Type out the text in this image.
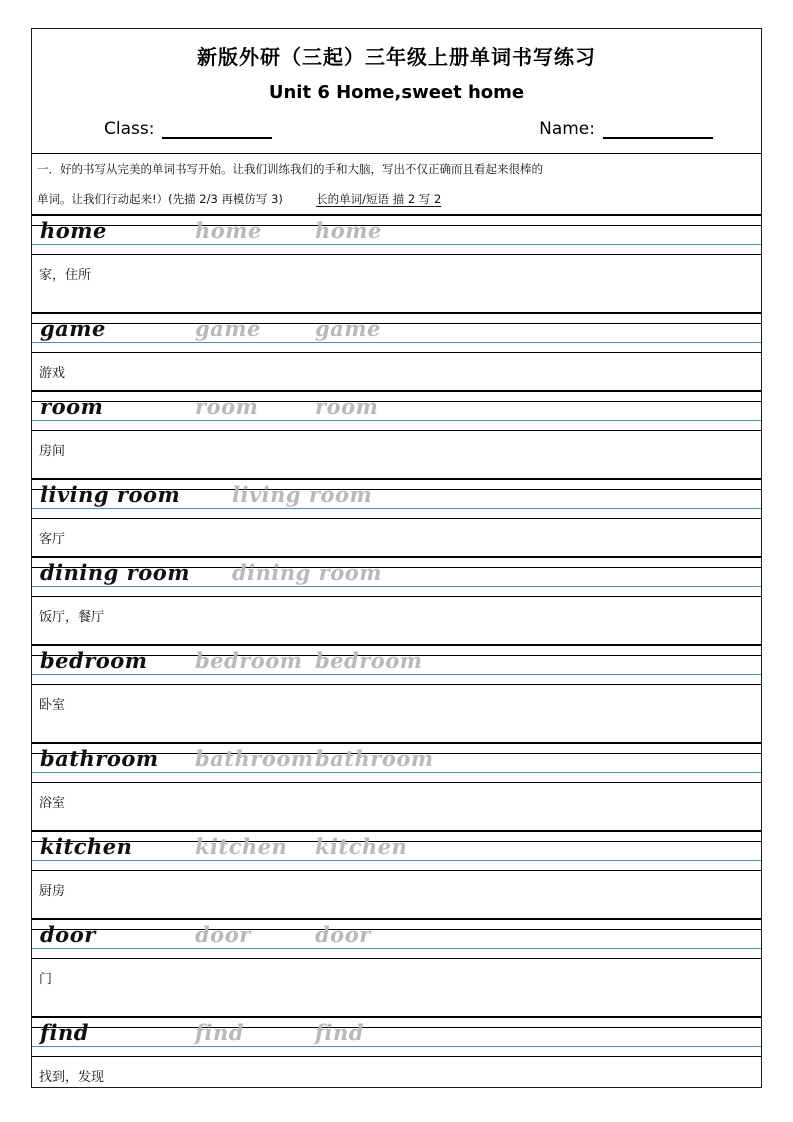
新版外研（三起）三年级上册单词书写练习
Unit 6 Home,sweet home
Class:	Name:
一．好的书写从完美的单词书写开始。让我们训练我们的手和大脑，写出不仅正确而且看起来很棒的
单词。让我们行动起来!）(先描 2/3 再模仿写 3)	长的单词/短语 描 2 写 2
home	home	home
家，住所
game	game	game
游戏
room	room	room
房间
living room living room
客厅
dining room dining room
饭厅，餐厅
bedroom bedroom bedroom
卧室
bathroom bathroom bathroom
浴室
kitchen	kitchen kitchen
厨房
door	door	door
门
find	find	find
找到，发现
